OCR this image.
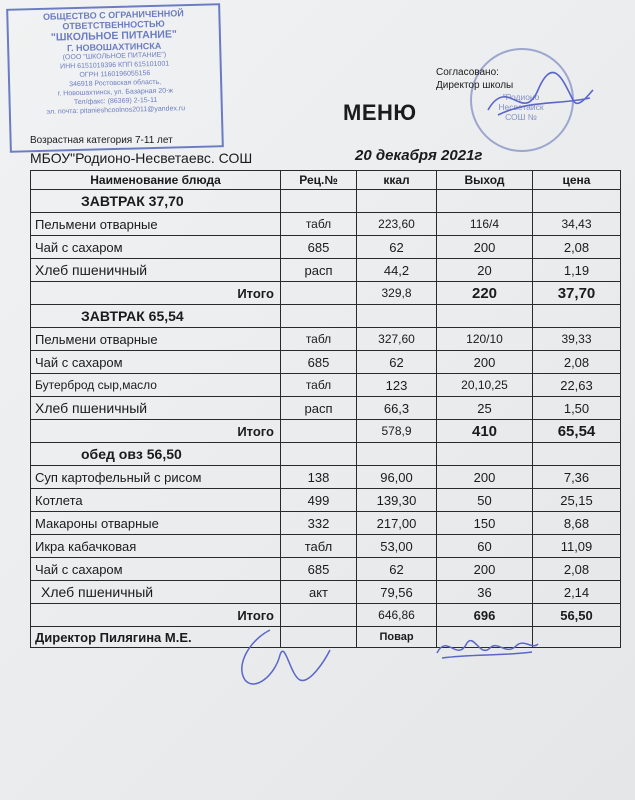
ОБЩЕСТВО С ОГРАНИЧЕННОЙ
ОТВЕТСТВЕННОСТЬЮ
"ШКОЛЬНОЕ ПИТАНИЕ"
Г. НОВОШАХТИНСКА
(ООО "ШКОЛЬНОЕ ПИТАНИЕ")
ИНН 6151019396 КПП 615101001
ОГРН 1160196055156
346918 Ростовская область,
г. Новошахтинск, ул. Базарная 20-ж
Тел/факс: (86369) 2-15-11
эл. почта: pitanieshcoolnos2011@yandex.ru
"Родионо Несветайск СОШ №
Согласовано:
Директор школы
МЕНЮ
Возрастная категория 7-11 лет
МБОУ"Родионо-Несветаевс. СОШ	20 декабря 2021г
Наименование блюда	Рец.№	ккал	Выход	цена
ЗАВТРАК 37,70				
Пельмени отварные	табл	223,60	116/4	34,43
Чай с сахаром	685	62	200	2,08
Хлеб пшеничный	расп	44,2	20	1,19
Итого		329,8	220	37,70
ЗАВТРАК 65,54				
Пельмени отварные	табл	327,60	120/10	39,33
Чай с сахаром	685	62	200	2,08
Бутерброд сыр,масло	табл	123	20,10,25	22,63
Хлеб пшеничный	расп	66,3	25	1,50
Итого		578,9	410	65,54
обед овз 56,50				
Суп картофельный с рисом	138	96,00	200	7,36
Котлета	499	139,30	50	25,15
Макароны отварные	332	217,00	150	8,68
Икра кабачковая	табл	53,00	60	11,09
Чай с сахаром	685	62	200	2,08
Хлеб пшеничный	акт	79,56	36	2,14
Итого		646,86	696	56,50
Директор Пилягина М.Е.		Повар		
